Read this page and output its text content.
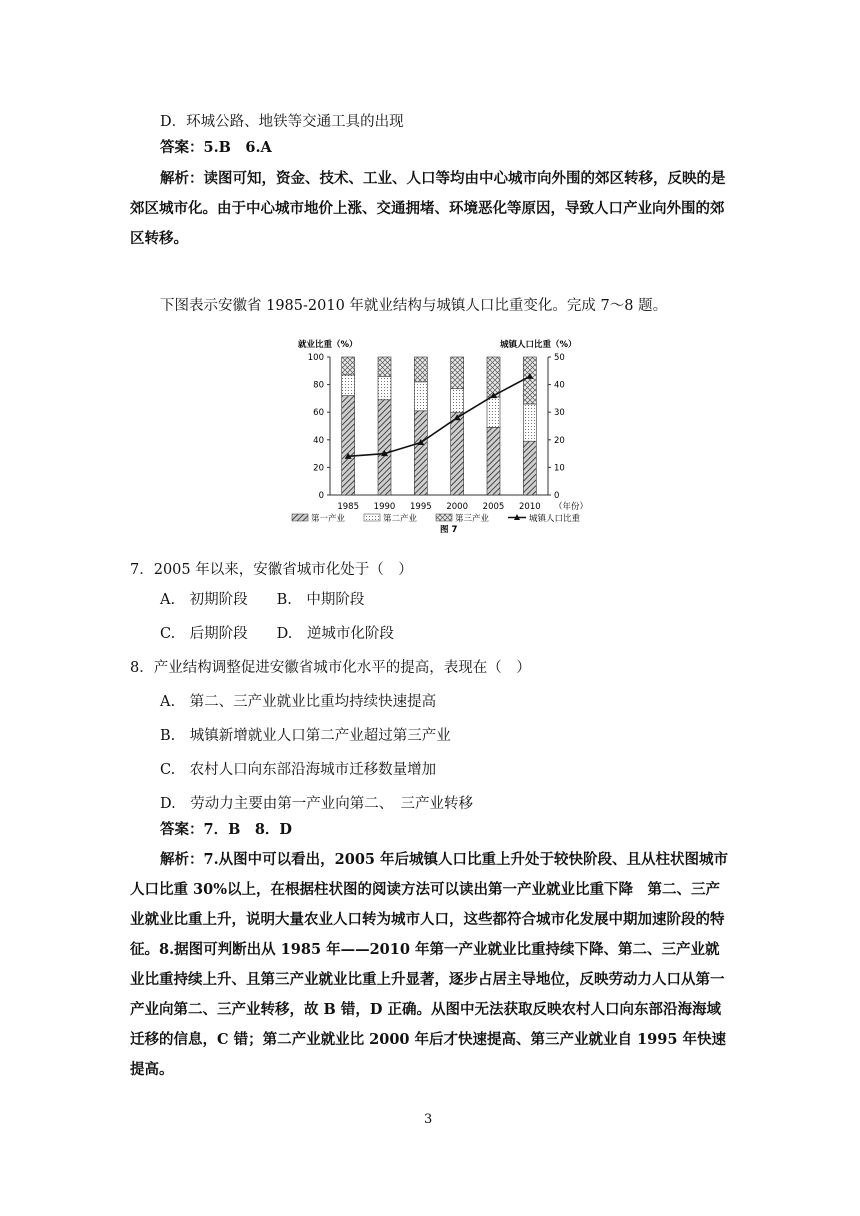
D．环城公路、地铁等交通工具的出现
答案：5.B　6.A
解析：读图可知，资金、技术、工业、人口等均由中心城市向外围的郊区转移，反映的是郊区城市化。由于中心城市地价上涨、交通拥堵、环境恶化等原因，导致人口产业向外围的郊区转移。
下图表示安徽省 1985-2010 年就业结构与城镇人口比重变化。完成 7～8 题。
就业比重（%）	城镇人口比重（%）
0
20
40
60
80
100
0
10
20
30
40
50
1985 1990 1995 2000 2005 2010 （年份）
第一产业	第二产业	第三产业	城镇人口比重
图 7
7．2005 年以来，安徽省城市化处于（　）
A.　初期阶段　　B.　中期阶段
C.　后期阶段　　D.　逆城市化阶段
8．产业结构调整促进安徽省城市化水平的提高，表现在（　）
A.　第二、三产业就业比重均持续快速提高
B.　城镇新增就业人口第二产业超过第三产业
C.　农村人口向东部沿海城市迁移数量增加
D.　劳动力主要由第一产业向第二、　三产业转移
答案：7．B　8．D
解析：7.从图中可以看出，2005 年后城镇人口比重上升处于较快阶段、且从柱状图城市人口比重 30%以上，在根据柱状图的阅读方法可以读出第一产业就业比重下降　第二、三产业就业比重上升，说明大量农业人口转为城市人口，这些都符合城市化发展中期加速阶段的特征。8.据图可判断出从 1985 年——2010 年第一产业就业比重持续下降、第二、三产业就业比重持续上升、且第三产业就业比重上升显著，逐步占居主导地位，反映劳动力人口从第一产业向第二、三产业转移，故 B 错，D 正确。从图中无法获取反映农村人口向东部沿海海域迁移的信息，C 错；第二产业就业比 2000 年后才快速提高、第三产业就业自 1995 年快速提高。
3
